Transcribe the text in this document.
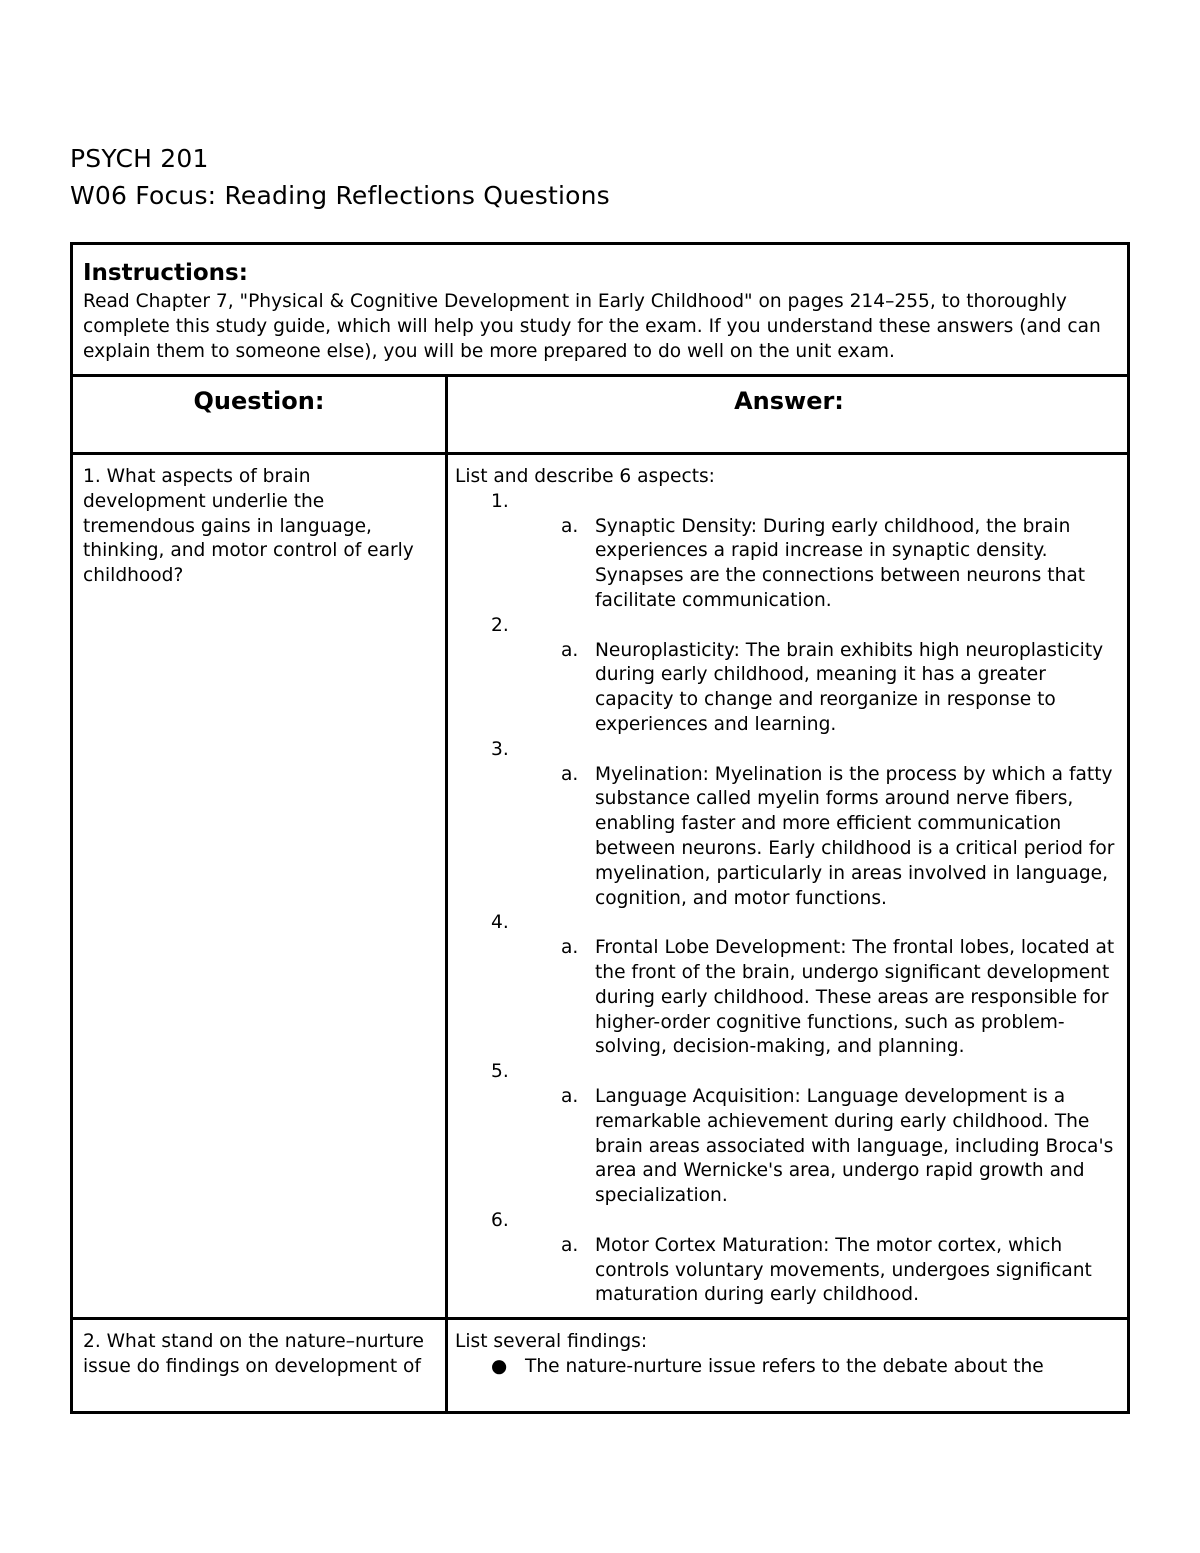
PSYCH 201
W06 Focus: Reading Reflections Questions
Instructions:
Read Chapter 7, "Physical & Cognitive Development in Early Childhood" on pages 214–255, to thoroughly complete this study guide, which will help you study for the exam. If you understand these answers (and can explain them to someone else), you will be more prepared to do well on the unit exam.
Question:	Answer:
1. What aspects of brain development underlie the tremendous gains in language, thinking, and motor control of early childhood?
List and describe 6 aspects:
1.
a. Synaptic Density: During early childhood, the brain experiences a rapid increase in synaptic density. Synapses are the connections between neurons that facilitate communication.
2.
a. Neuroplasticity: The brain exhibits high neuroplasticity during early childhood, meaning it has a greater capacity to change and reorganize in response to experiences and learning.
3.
a. Myelination: Myelination is the process by which a fatty substance called myelin forms around nerve fibers, enabling faster and more efficient communication between neurons. Early childhood is a critical period for myelination, particularly in areas involved in language, cognition, and motor functions.
4.
a. Frontal Lobe Development: The frontal lobes, located at the front of the brain, undergo significant development during early childhood. These areas are responsible for higher-order cognitive functions, such as problem-solving, decision-making, and planning.
5.
a. Language Acquisition: Language development is a remarkable achievement during early childhood. The brain areas associated with language, including Broca's area and Wernicke's area, undergo rapid growth and specialization.
6.
a. Motor Cortex Maturation: The motor cortex, which controls voluntary movements, undergoes significant maturation during early childhood.
2. What stand on the nature–nurture issue do findings on development of
List several findings:
● The nature-nurture issue refers to the debate about the
